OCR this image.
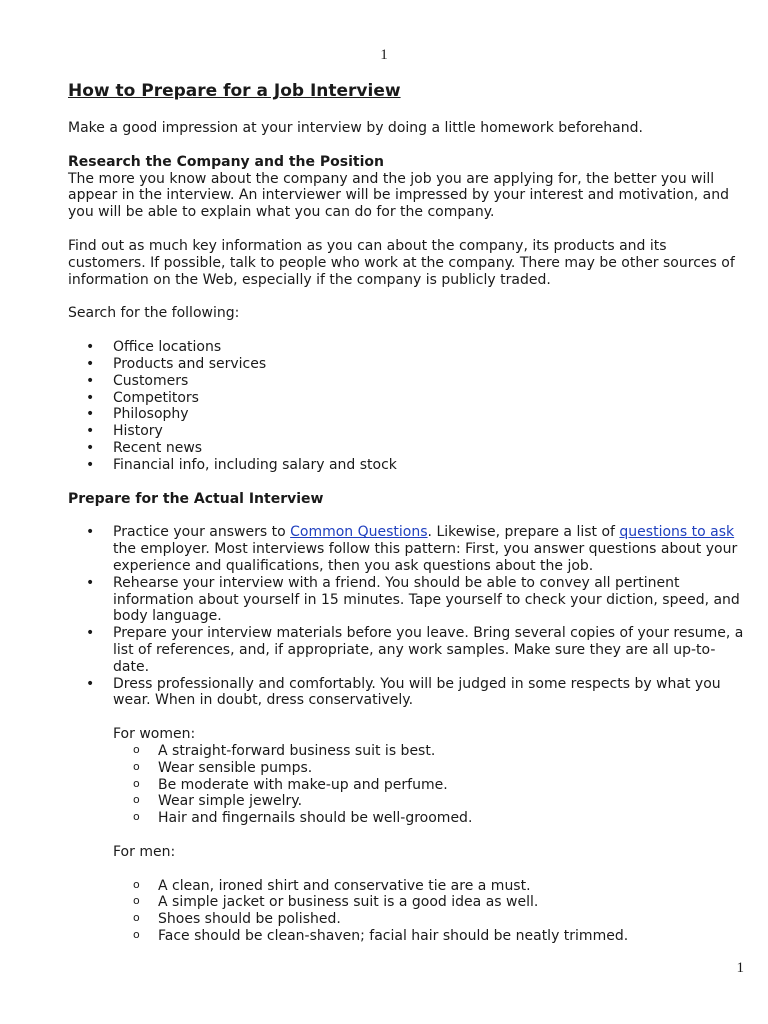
1
How to Prepare for a Job Interview

Make a good impression at your interview by doing a little homework beforehand.

Research the Company and the Position

The more you know about the company and the job you are applying for, the better you will appear in the interview. An interviewer will be impressed by your interest and motivation, and you will be able to explain what you can do for the company.

Find out as much key information as you can about the company, its products and its customers. If possible, talk to people who work at the company. There may be other sources of information on the Web, especially if the company is publicly traded.

Search for the following:

• Office locations
• Products and services
• Customers
• Competitors
• Philosophy
• History
• Recent news
• Financial info, including salary and stock
Prepare for the Actual Interview
• Practice your answers to Common Questions. Likewise, prepare a list of questions to ask the employer. Most interviews follow this pattern: First, you answer questions about your experience and qualifications, then you ask questions about the job.
• Rehearse your interview with a friend. You should be able to convey all pertinent information about yourself in 15 minutes. Tape yourself to check your diction, speed, and body language.
• Prepare your interview materials before you leave. Bring several copies of your resume, a list of references, and, if appropriate, any work samples. Make sure they are all up-to-date.
• Dress professionally and comfortably. You will be judged in some respects by what you wear. When in doubt, dress conservatively.

For women:

o A straight-forward business suit is best.
o Wear sensible pumps.
o Be moderate with make-up and perfume.
o Wear simple jewelry.
o Hair and fingernails should be well-groomed.

For men:

o A clean, ironed shirt and conservative tie are a must.
o A simple jacket or business suit is a good idea as well.
o Shoes should be polished.
o Face should be clean-shaven; facial hair should be neatly trimmed.
1
